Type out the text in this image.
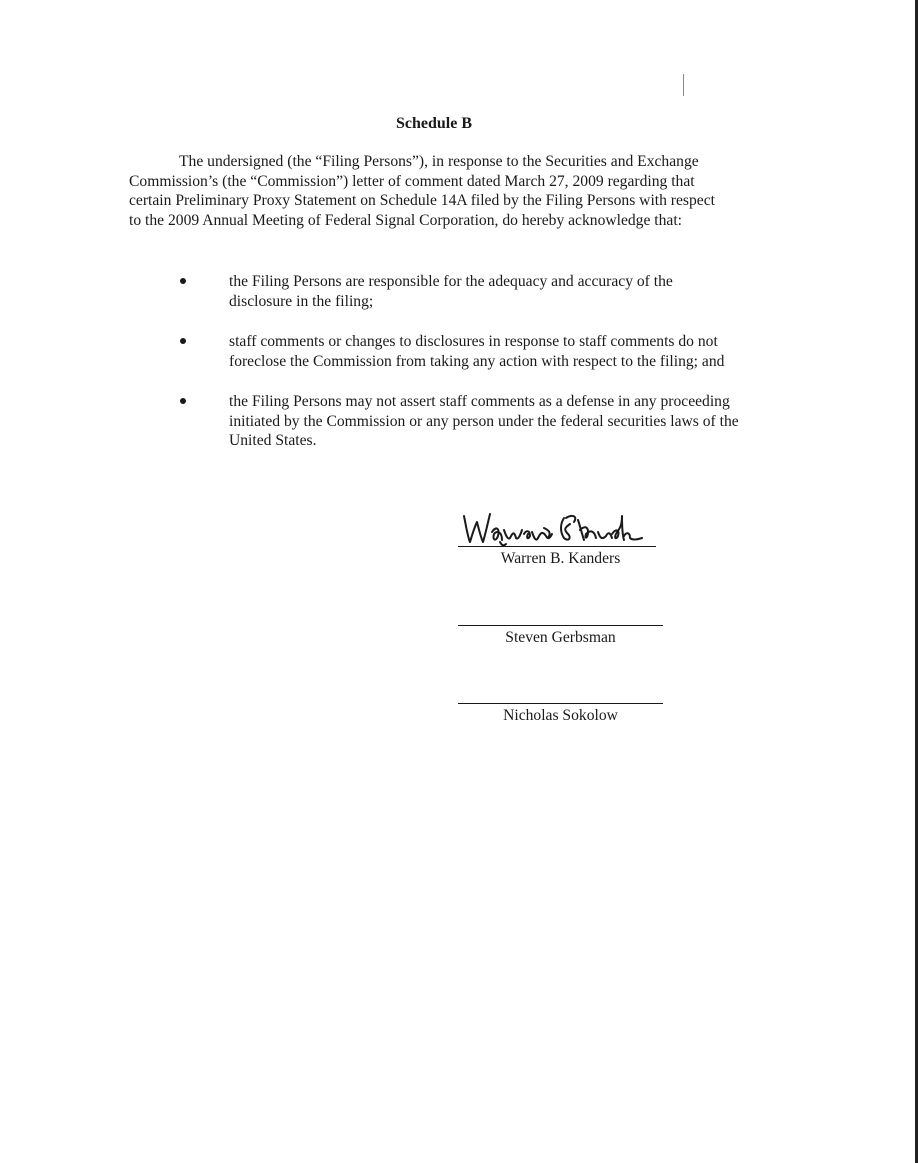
Schedule B

The undersigned (the “Filing Persons”), in response to the Securities and Exchange Commission’s (the “Commission”) letter of comment dated March 27, 2009 regarding that certain Preliminary Proxy Statement on Schedule 14A filed by the Filing Persons with respect to the 2009 Annual Meeting of Federal Signal Corporation, do hereby acknowledge that:

the Filing Persons are responsible for the adequacy and accuracy of the disclosure in the filing;
staff comments or changes to disclosures in response to staff comments do not foreclose the Commission from taking any action with respect to the filing; and
the Filing Persons may not assert staff comments as a defense in any proceeding initiated by the Commission or any person under the federal securities laws of the United States.
Warren B. Kanders
Steven Gerbsman
Nicholas Sokolow
